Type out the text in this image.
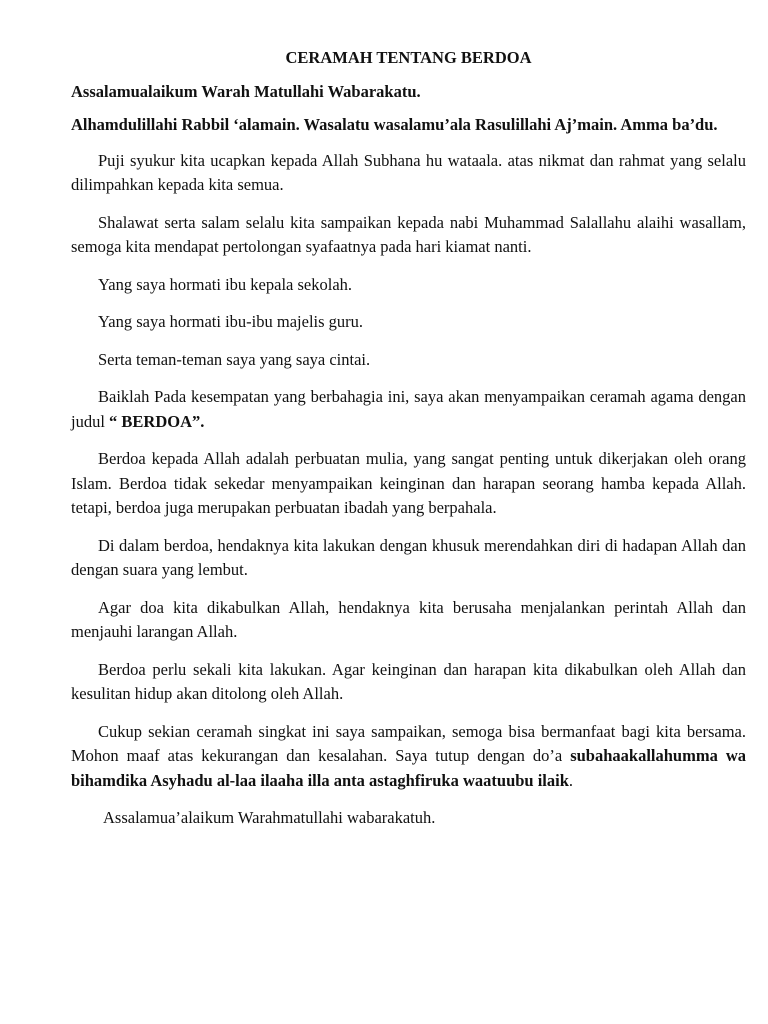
CERAMAH TENTANG BERDOA
Assalamualaikum Warah Matullahi Wabarakatu.
Alhamdulillahi Rabbil ‘alamain. Wasalatu wasalamu’ala Rasulillahi Aj’main. Amma ba’du.

Puji syukur kita ucapkan kepada Allah Subhana hu wataala. atas nikmat dan rahmat yang selalu dilimpahkan kepada kita semua.

Shalawat serta salam selalu kita sampaikan kepada nabi Muhammad Salallahu alaihi wasallam, semoga kita mendapat pertolongan syafaatnya pada hari kiamat nanti.

Yang saya hormati ibu kepala sekolah.

Yang saya hormati ibu-ibu majelis guru.

Serta teman-teman saya yang saya cintai.

Baiklah Pada kesempatan yang berbahagia ini, saya akan menyampaikan ceramah agama dengan judul “ BERDOA”.

Berdoa kepada Allah adalah perbuatan mulia, yang sangat penting untuk dikerjakan oleh orang Islam. Berdoa tidak sekedar menyampaikan keinginan dan harapan seorang hamba kepada Allah. tetapi, berdoa juga merupakan perbuatan ibadah yang berpahala.

Di dalam berdoa, hendaknya kita lakukan dengan khusuk merendahkan diri di hadapan Allah dan dengan suara yang lembut.

Agar doa kita dikabulkan Allah, hendaknya kita berusaha menjalankan perintah Allah dan menjauhi larangan Allah.

Berdoa perlu sekali kita lakukan. Agar keinginan dan harapan kita dikabulkan oleh Allah dan kesulitan hidup akan ditolong oleh Allah.

Cukup sekian ceramah singkat ini saya sampaikan, semoga bisa bermanfaat bagi kita bersama. Mohon maaf atas kekurangan dan kesalahan. Saya tutup dengan do’a subahaakallahumma wa bihamdika Asyhadu al-laa ilaaha illa anta astaghfiruka waatuubu ilaik.

Assalamua’alaikum Warahmatullahi wabarakatuh.
